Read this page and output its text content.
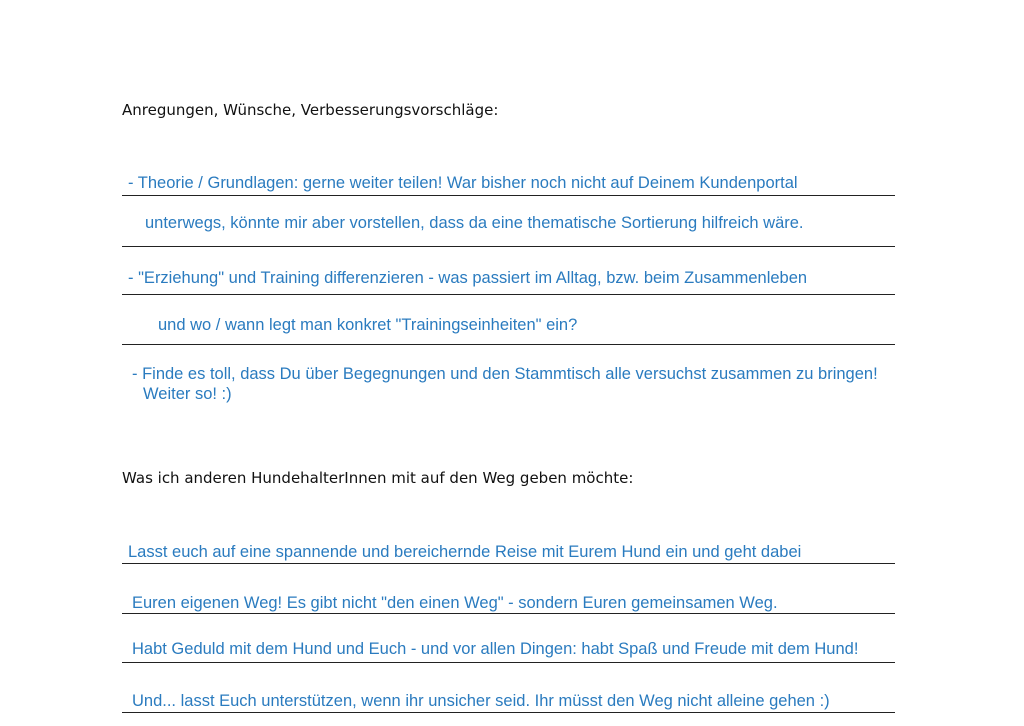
Anregungen, Wünsche, Verbesserungsvorschläge:
- Theorie / Grundlagen: gerne weiter teilen! War bisher noch nicht auf Deinem Kundenportal
unterwegs, könnte mir aber vorstellen, dass da eine thematische Sortierung hilfreich wäre.
- "Erziehung" und Training differenzieren - was passiert im Alltag, bzw. beim Zusammenleben
und wo / wann legt man konkret "Trainingseinheiten" ein?
- Finde es toll, dass Du über Begegnungen und den Stammtisch alle versuchst zusammen zu bringen!
Weiter so! :)
Was ich anderen HundehalterInnen mit auf den Weg geben möchte:
Lasst euch auf eine spannende und bereichernde Reise mit Eurem Hund ein und geht dabei
Euren eigenen Weg! Es gibt nicht "den einen Weg" - sondern Euren gemeinsamen Weg.
Habt Geduld mit dem Hund und Euch - und vor allen Dingen: habt Spaß und Freude mit dem Hund!
Und... lasst Euch unterstützen, wenn ihr unsicher seid. Ihr müsst den Weg nicht alleine gehen :)
